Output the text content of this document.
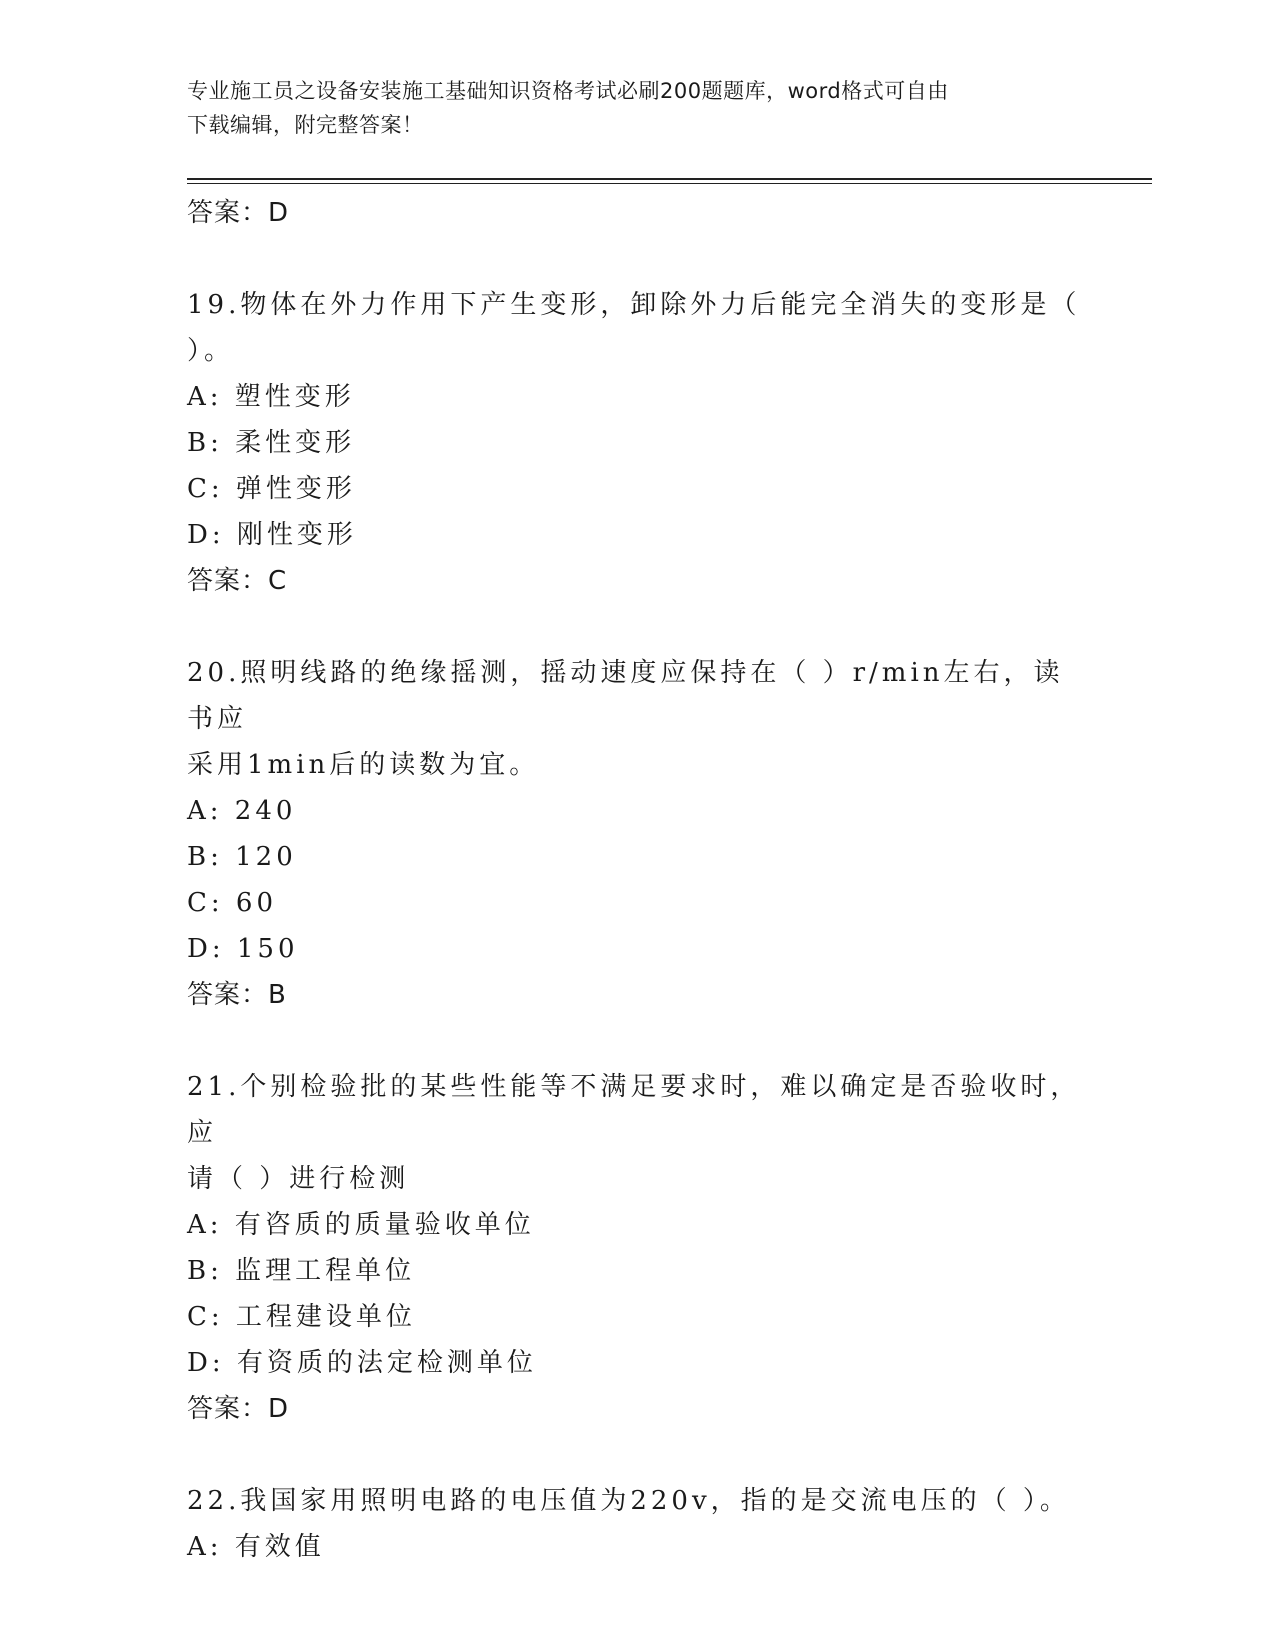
专业施工员之设备安装施工基础知识资格考试必刷200题题库，word格式可自由
下载编辑，附完整答案！
答案：D
19.物体在外力作用下产生变形，卸除外力后能完全消失的变形是（
）。
A: 塑性变形
B: 柔性变形
C: 弹性变形
D: 刚性变形
答案：C
20.照明线路的绝缘摇测，摇动速度应保持在（ ）r/min左右，读书应
采用1min后的读数为宜。
A: 240
B: 120
C: 60
D: 150
答案：B
21.个别检验批的某些性能等不满足要求时，难以确定是否验收时，应
请（ ）进行检测
A: 有咨质的质量验收单位
B: 监理工程单位
C: 工程建设单位
D: 有资质的法定检测单位
答案：D
22.我国家用照明电路的电压值为220v，指的是交流电压的（ ）。
A: 有效值
